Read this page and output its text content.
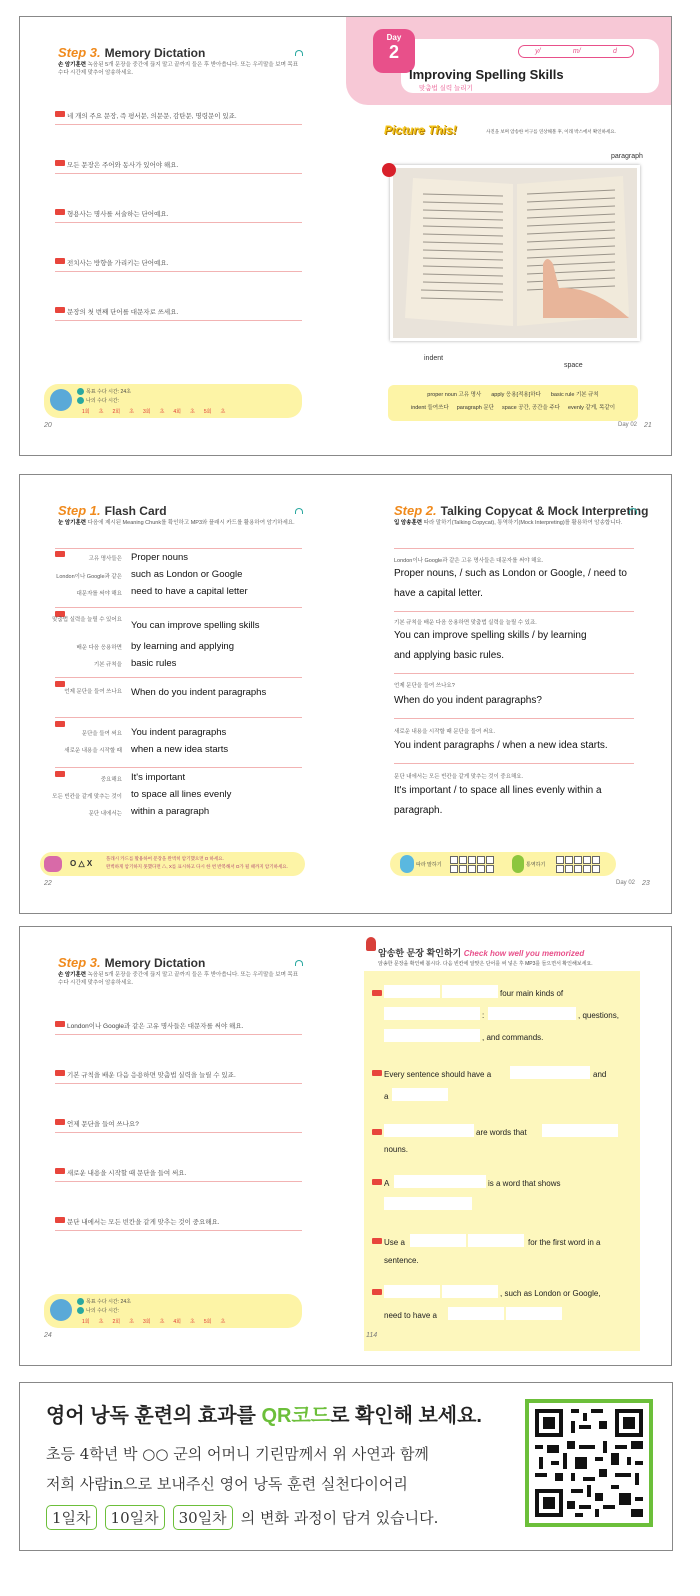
Step 3. Memory Dictation
손 암기훈련 녹음된 5개 문장을 중간에 끊지 말고 끝까지 들은 후 받아씁니다. 또는 우리말을 보며 목표 수다 시간제 맞추어 암송하세요.
네 개의 주요 문장, 즉 평서문, 의문문, 감탄문, 명령문이 있죠.
모든 문장은 주어와 동사가 있어야 해요.
형용사는 명사를 서술하는 단어예요.
전치사는 방향을 가리키는 단어예요.
문장의 첫 번째 단어를 대문자로 쓰세요.
목표 수다 시간: 24초
나의 수다 시간:
1회 초 2회 초 3회 초 4회 초 5회 초
20
Day
2	y/	m/	d
Improving Spelling Skills
맞춤법 실력 늘리기
Picture This!	사진을 보며 암송한 어구를 연상해볼 후, 이래 박스에서 확인하세요.
paragraph
indent
space
proper noun 고유 명사 apply 응용[적용]하다 basic rule 기본 규칙
indent 들여쓰다 paragraph 문단 space 공간, 공간을 주다 evenly 같게, 똑같이
Day 02 21
Step 1. Flash Card
눈 암기훈련 다음에 제시된 Meaning Chunk를 확인하고 MP3와 플래시 카드를 활용하여 암기하세요.
고유 명사들은 Proper nouns
London이나 Google과 같은 such as London or Google
대문자를 써야 해요 need to have a capital letter
맞춤법 실력을 늘릴 수 있어요 You can improve spelling skills
배운 다음 응용하면 by learning and applying
기본 규칙을 basic rules
언제 문단을 들여 쓰나요 When do you indent paragraphs
문단을 들여 써요 You indent paragraphs
새로운 내용을 시작할 때 when a new idea starts
중요해요 It's important
모든 빈칸을 같게 맞추는 것이 to space all lines evenly
문단 내에서는 within a paragraph
O △ X
플래시 카드를 활용하여 문장을 완벽히 암기했으면 O 하세요.
완벽하게 암기하지 못했다면 △, X를 표시하고 다시 한 번 반복해서 O가 될 때까지 암기하세요.
22
Step 2. Talking Copycat & Mock Interpreting
입 암송훈련 따라 말하기(Talking Copycat), 통역하기(Mock Interpreting)를 활용하여 암송합니다.
London이나 Google과 같은 고유 명사들은 대문자를 써야 해요.
Proper nouns, / such as London or Google, / need to
have a capital letter.
기본 규칙을 배운 다음 응용하면 맞춤법 실력을 늘릴 수 있죠.
You can improve spelling skills / by learning
and applying basic rules.
언제 문단을 들여 쓰나요?
When do you indent paragraphs?
새로운 내용을 시작할 때 문단을 들여 써요.
You indent paragraphs / when a new idea starts.
문단 내에서는 모든 빈칸을 같게 맞추는 것이 중요해요.
It's important / to space all lines evenly within a
paragraph.
따라 말하기	통역하기
Day 02 23
Step 3. Memory Dictation
손 암기훈련 녹음된 5개 문장을 중간에 끊지 말고 끝까지 들은 후 받아씁니다. 또는 우리말을 보며 목표 수다 시간제 맞추어 암송하세요.
London이나 Google과 같은 고유 명사들은 대문자를 써야 해요.
기본 규칙을 배운 다음 응용하면 맞춤법 실력을 늘릴 수 있죠.
언제 문단을 들여 쓰나요?
새로운 내용을 시작할 때 문단을 들여 써요.
문단 내에서는 모든 빈칸을 같게 맞추는 것이 중요해요.
목표 수다 시간: 24초
나의 수다 시간:
1회 초 2회 초 3회 초 4회 초 5회 초
24
암송한 문장 확인하기 Check how well you memorized
암송한 문장을 확인해 봅시다. 다음 빈칸에 알맞은 단어를 써 넣은 후 MP3를 들으면서 확인해보세요.
four main kinds of
:	, questions,
, and commands.
Every sentence should have a	and
a
are words that
nouns.
A	is a word that shows
Use a	for the first word in a
sentence.
, such as London or Google,
need to have a
114
영어 낭독 훈련의 효과를 QR코드로 확인해 보세요.
초등 4학년 박 ○○ 군의 어머니 기린맘께서 위 사연과 함께
저희 사람in으로 보내주신 영어 낭독 훈련 실천다이어리
1일차	10일차	30일차 의 변화 과정이 담겨 있습니다.
